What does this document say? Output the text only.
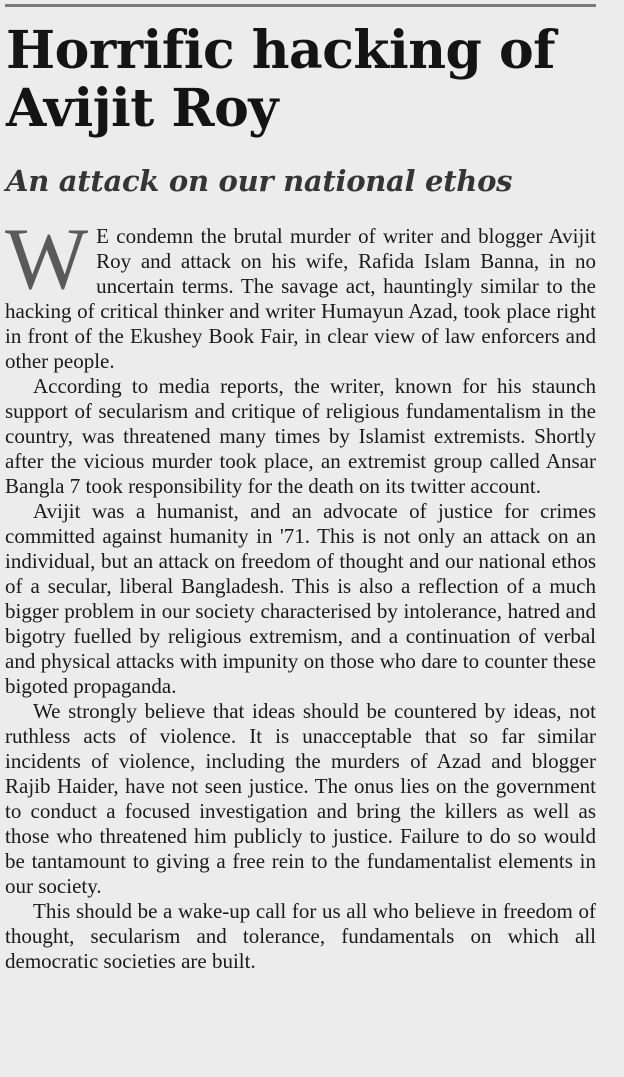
Horrific hacking of Avijit Roy
An attack on our national ethos

W E condemn the brutal murder of writer and blogger Avijit Roy and attack on his wife, Rafida Islam Banna, in no uncertain terms. The savage act, hauntingly similar to the hacking of critical thinker and writer Humayun Azad, took place right in front of the Ekushey Book Fair, in clear view of law enforcers and other people.

According to media reports, the writer, known for his staunch support of secularism and critique of religious fundamentalism in the country, was threatened many times by Islamist extremists. Shortly after the vicious murder took place, an extremist group called Ansar Bangla 7 took responsibility for the death on its twitter account.

Avijit was a humanist, and an advocate of justice for crimes committed against humanity in '71. This is not only an attack on an individual, but an attack on freedom of thought and our national ethos of a secular, liberal Bangladesh. This is also a reflection of a much bigger problem in our society characterised by intolerance, hatred and bigotry fuelled by religious extremism, and a continuation of verbal and physical attacks with impunity on those who dare to counter these bigoted propaganda.

We strongly believe that ideas should be countered by ideas, not ruthless acts of violence. It is unacceptable that so far similar incidents of violence, including the murders of Azad and blogger Rajib Haider, have not seen justice. The onus lies on the government to conduct a focused investigation and bring the killers as well as those who threatened him publicly to justice. Failure to do so would be tantamount to giving a free rein to the fundamentalist elements in our society.

This should be a wake-up call for us all who believe in freedom of thought, secularism and tolerance, fundamentals on which all democratic societies are built.
